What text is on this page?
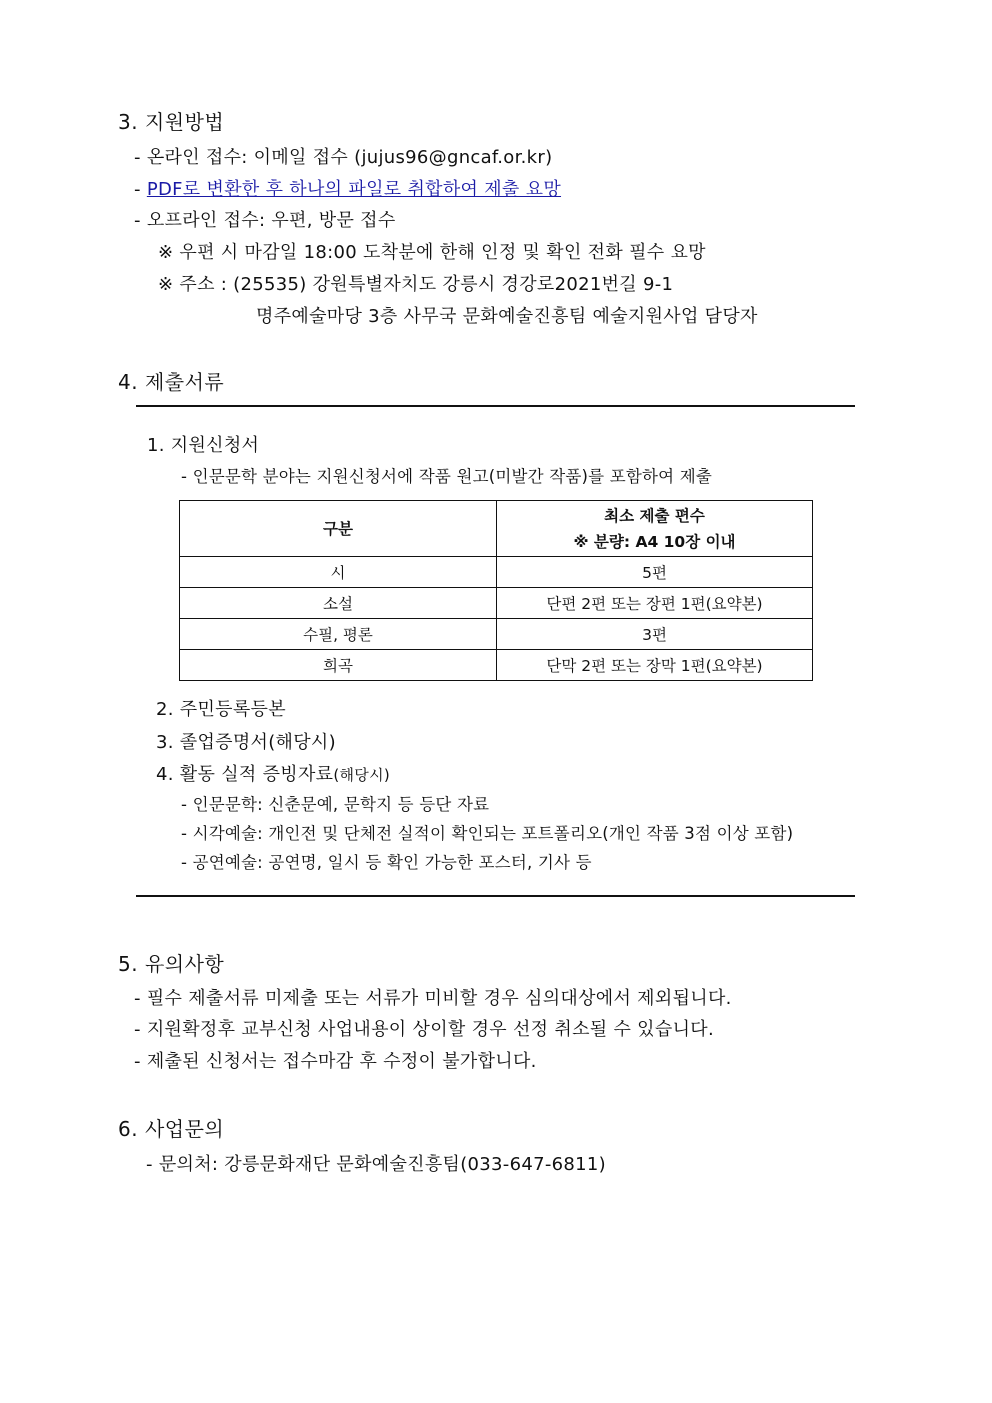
3. 지원방법
- 온라인 접수: 이메일 접수 (jujus96@gncaf.or.kr)
- PDF로 변환한 후 하나의 파일로 취합하여 제출 요망
- 오프라인 접수: 우편, 방문 접수
※ 우편 시 마감일 18:00 도착분에 한해 인정 및 확인 전화 필수 요망
※ 주소 : (25535) 강원특별자치도 강릉시 경강로2021번길 9-1
명주예술마당 3층 사무국 문화예술진흥팀 예술지원사업 담당자
4. 제출서류
1. 지원신청서
- 인문문학 분야는 지원신청서에 작품 원고(미발간 작품)를 포함하여 제출
구분	최소 제출 편수
※ 분량: A4 10장 이내

시	5편
소설	단편 2편 또는 장편 1편(요약본)
수필, 평론	3편
희곡	단막 2편 또는 장막 1편(요약본)
2. 주민등록등본
3. 졸업증명서(해당시)
4. 활동 실적 증빙자료(해당시)
- 인문문학: 신춘문예, 문학지 등 등단 자료
- 시각예술: 개인전 및 단체전 실적이 확인되는 포트폴리오(개인 작품 3점 이상 포함)
- 공연예술: 공연명, 일시 등 확인 가능한 포스터, 기사 등
5. 유의사항
- 필수 제출서류 미제출 또는 서류가 미비할 경우 심의대상에서 제외됩니다.
- 지원확정후 교부신청 사업내용이 상이할 경우 선정 취소될 수 있습니다.
- 제출된 신청서는 접수마감 후 수정이 불가합니다.
6. 사업문의
- 문의처: 강릉문화재단 문화예술진흥팀(033-647-6811)
